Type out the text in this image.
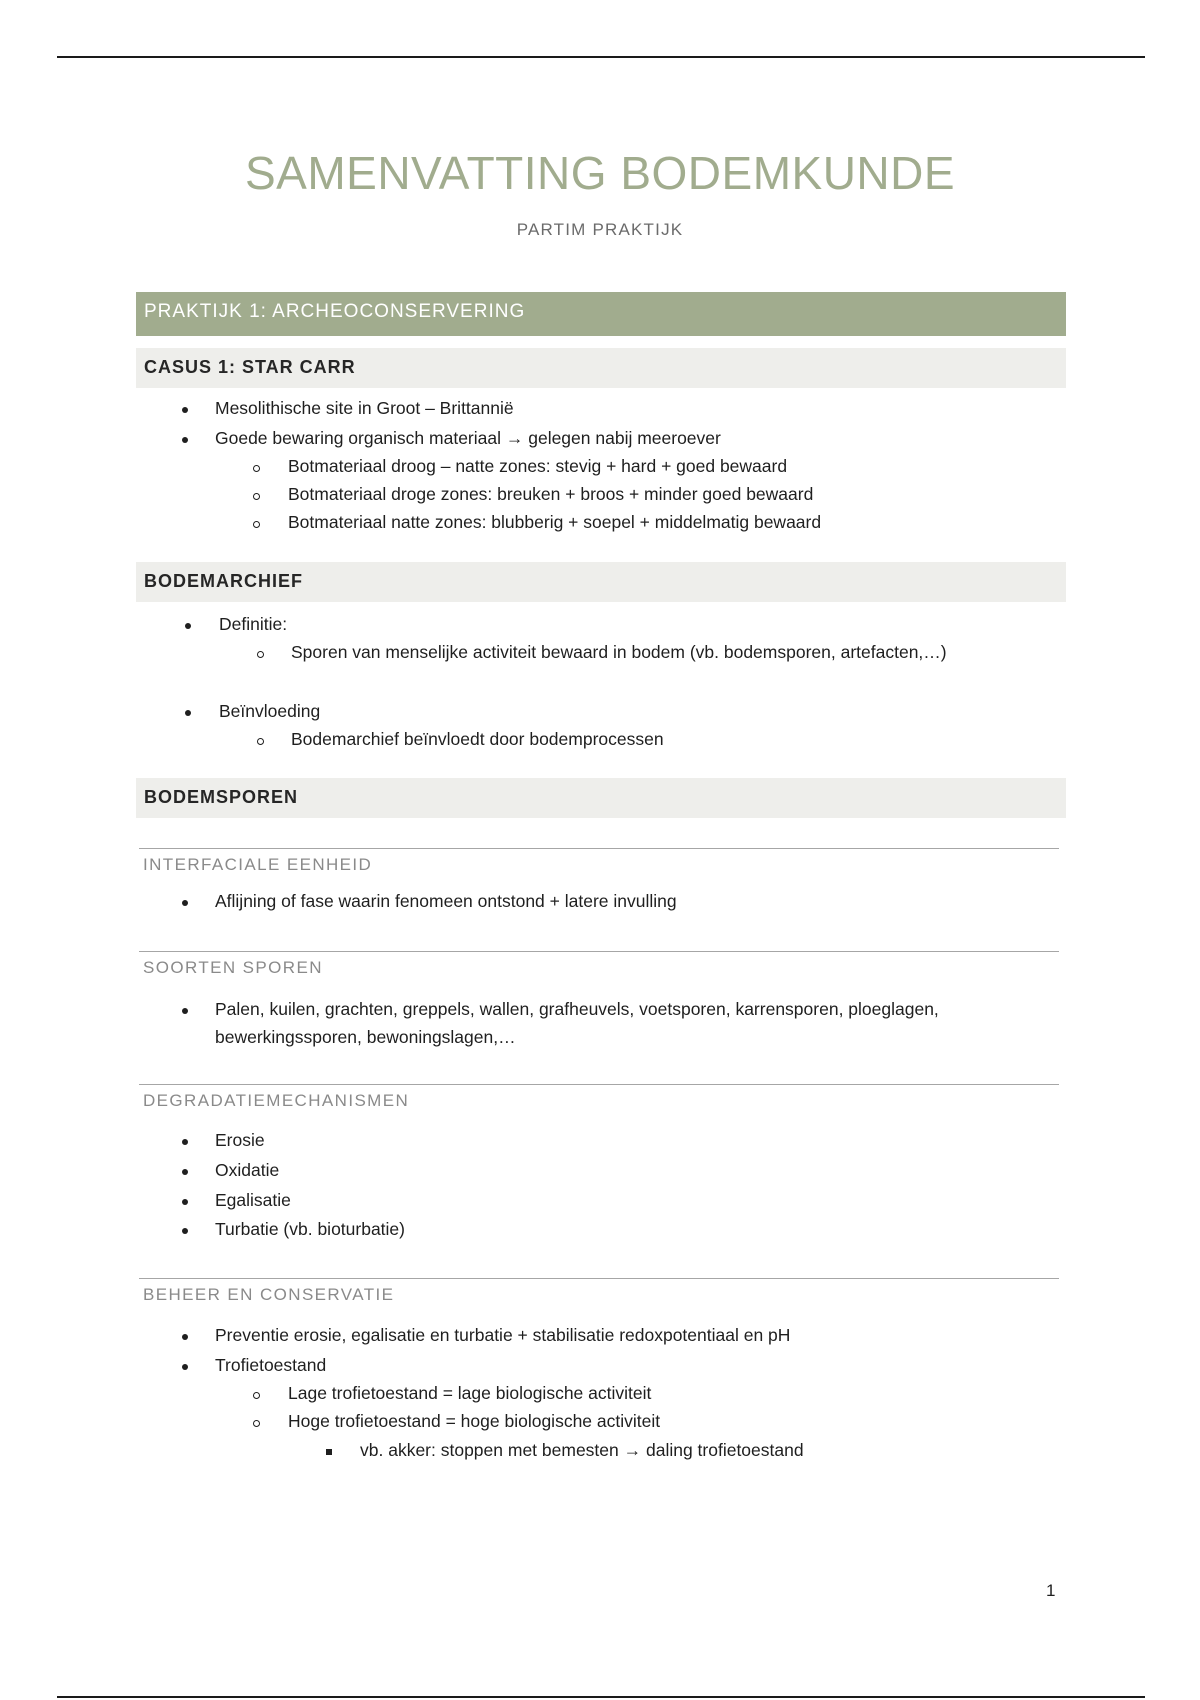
SAMENVATTING BODEMKUNDE
PARTIM PRAKTIJK
PRAKTIJK 1: ARCHEOCONSERVERING
CASUS 1: STAR CARR
Mesolithische site in Groot – Brittannië
Goede bewaring organisch materiaal → gelegen nabij meeroever
Botmateriaal droog – natte zones: stevig + hard + goed bewaard
Botmateriaal droge zones: breuken + broos + minder goed bewaard
Botmateriaal natte zones: blubberig + soepel + middelmatig bewaard
BODEMARCHIEF
Definitie:
Sporen van menselijke activiteit bewaard in bodem (vb. bodemsporen, artefacten,…)
Beïnvloeding
Bodemarchief beïnvloedt door bodemprocessen
BODEMSPOREN
INTERFACIALE EENHEID
Aflijning of fase waarin fenomeen ontstond + latere invulling
SOORTEN SPOREN
Palen, kuilen, grachten, greppels, wallen, grafheuvels, voetsporen, karrensporen, ploeglagen,
bewerkingssporen, bewoningslagen,…
DEGRADATIEMECHANISMEN
Erosie
Oxidatie
Egalisatie
Turbatie (vb. bioturbatie)
BEHEER EN CONSERVATIE
Preventie erosie, egalisatie en turbatie + stabilisatie redoxpotentiaal en pH
Trofietoestand
Lage trofietoestand = lage biologische activiteit
Hoge trofietoestand = hoge biologische activiteit
vb. akker: stoppen met bemesten → daling trofietoestand
1
